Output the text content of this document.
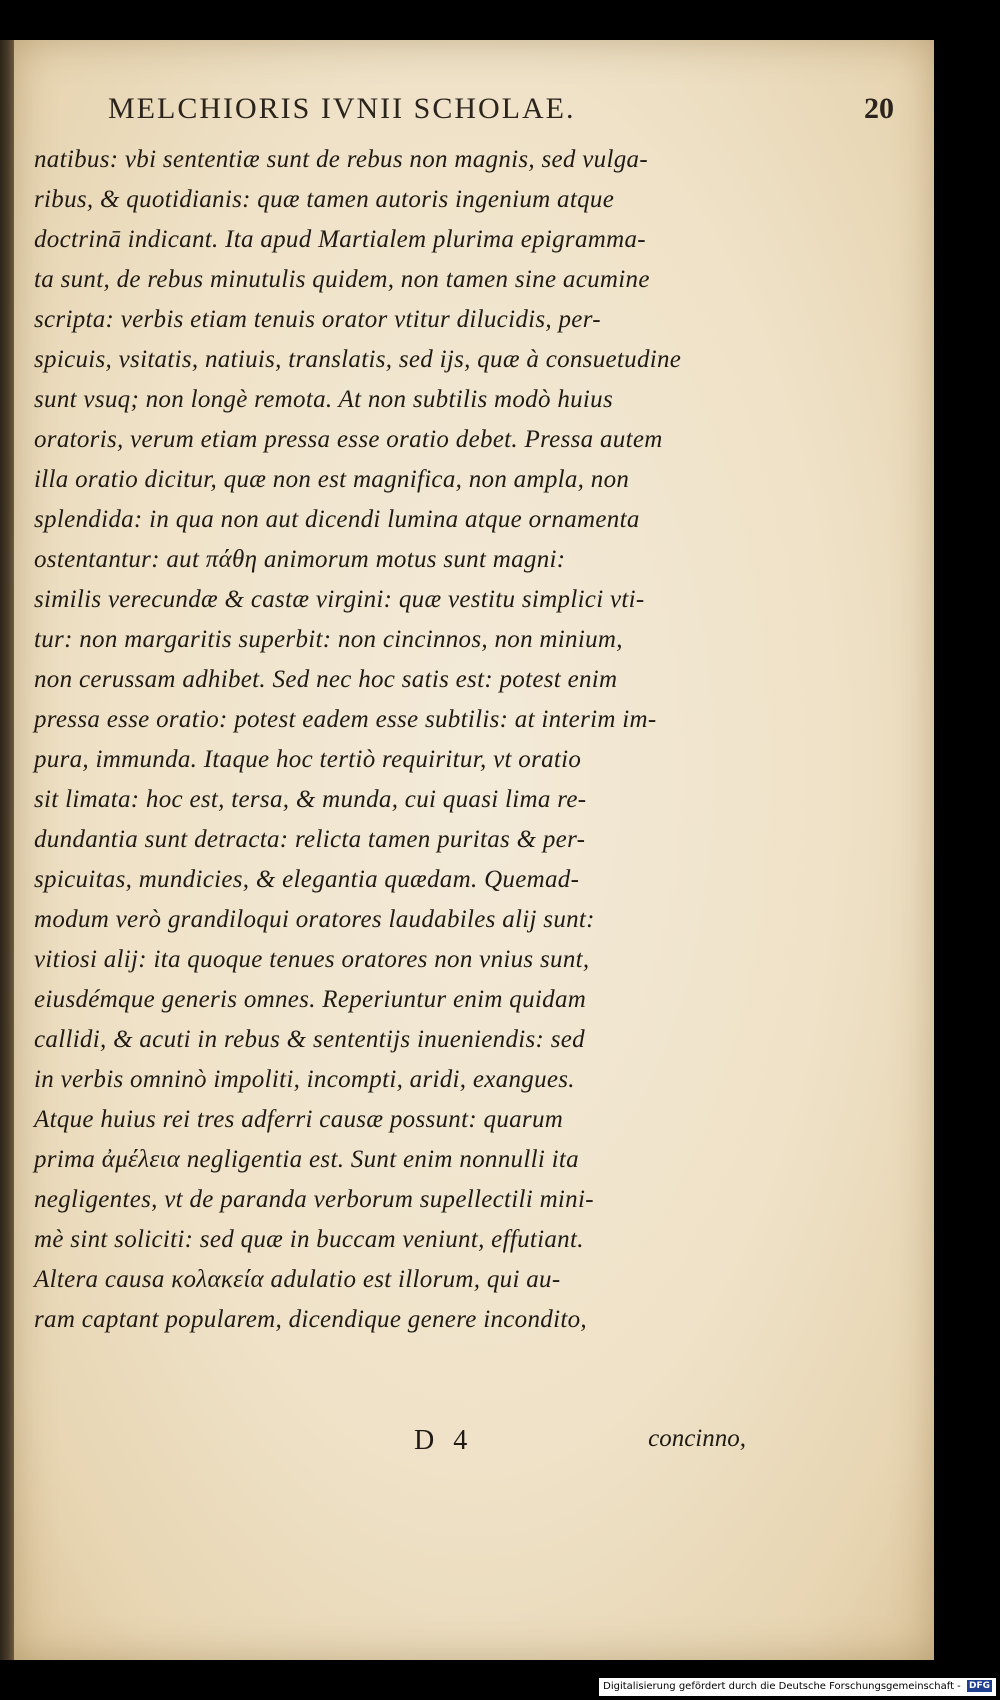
MELCHIORIS IVNII SCHOLAE.	20
natibus: vbi sententiæ sunt de rebus non magnis, sed vulga-
ribus, & quotidianis: quæ tamen autoris ingenium atque
doctrinā indicant. Ita apud Martialem plurima epigramma-
ta sunt, de rebus minutulis quidem, non tamen sine acumine
scripta: verbis etiam tenuis orator vtitur dilucidis, per-
spicuis, vsitatis, natiuis, translatis, sed ijs, quæ à consuetudine
sunt vsuq; non longè remota. At non subtilis modò huius
oratoris, verum etiam pressa esse oratio debet. Pressa autem
illa oratio dicitur, quæ non est magnifica, non ampla, non
splendida: in qua non aut dicendi lumina atque ornamenta
ostentantur: aut πάθη animorum motus sunt magni:
similis verecundæ & castæ virgini: quæ vestitu simplici vti-
tur: non margaritis superbit: non cincinnos, non minium,
non cerussam adhibet. Sed nec hoc satis est: potest enim
pressa esse oratio: potest eadem esse subtilis: at interim im-
pura, immunda. Itaque hoc tertiò requiritur, vt oratio
sit limata: hoc est, tersa, & munda, cui quasi lima re-
dundantia sunt detracta: relicta tamen puritas & per-
spicuitas, mundicies, & elegantia quædam. Quemad-
modum verò grandiloqui oratores laudabiles alij sunt:
vitiosi alij: ita quoque tenues oratores non vnius sunt,
eiusdémque generis omnes. Reperiuntur enim quidam
callidi, & acuti in rebus & sententijs inueniendis: sed
in verbis omninò impoliti, incompti, aridi, exangues.
Atque huius rei tres adferri causæ possunt: quarum
prima ἀμέλεια negligentia est. Sunt enim nonnulli ita
negligentes, vt de paranda verborum supellectili mini-
mè sint soliciti: sed quæ in buccam veniunt, effutiant.
Altera causa κολακεία adulatio est illorum, qui au-
ram captant popularem, dicendique genere incondito,
D 4	concinno,
Digitalisierung gefördert durch die Deutsche Forschungsgemeinschaft - DFG
